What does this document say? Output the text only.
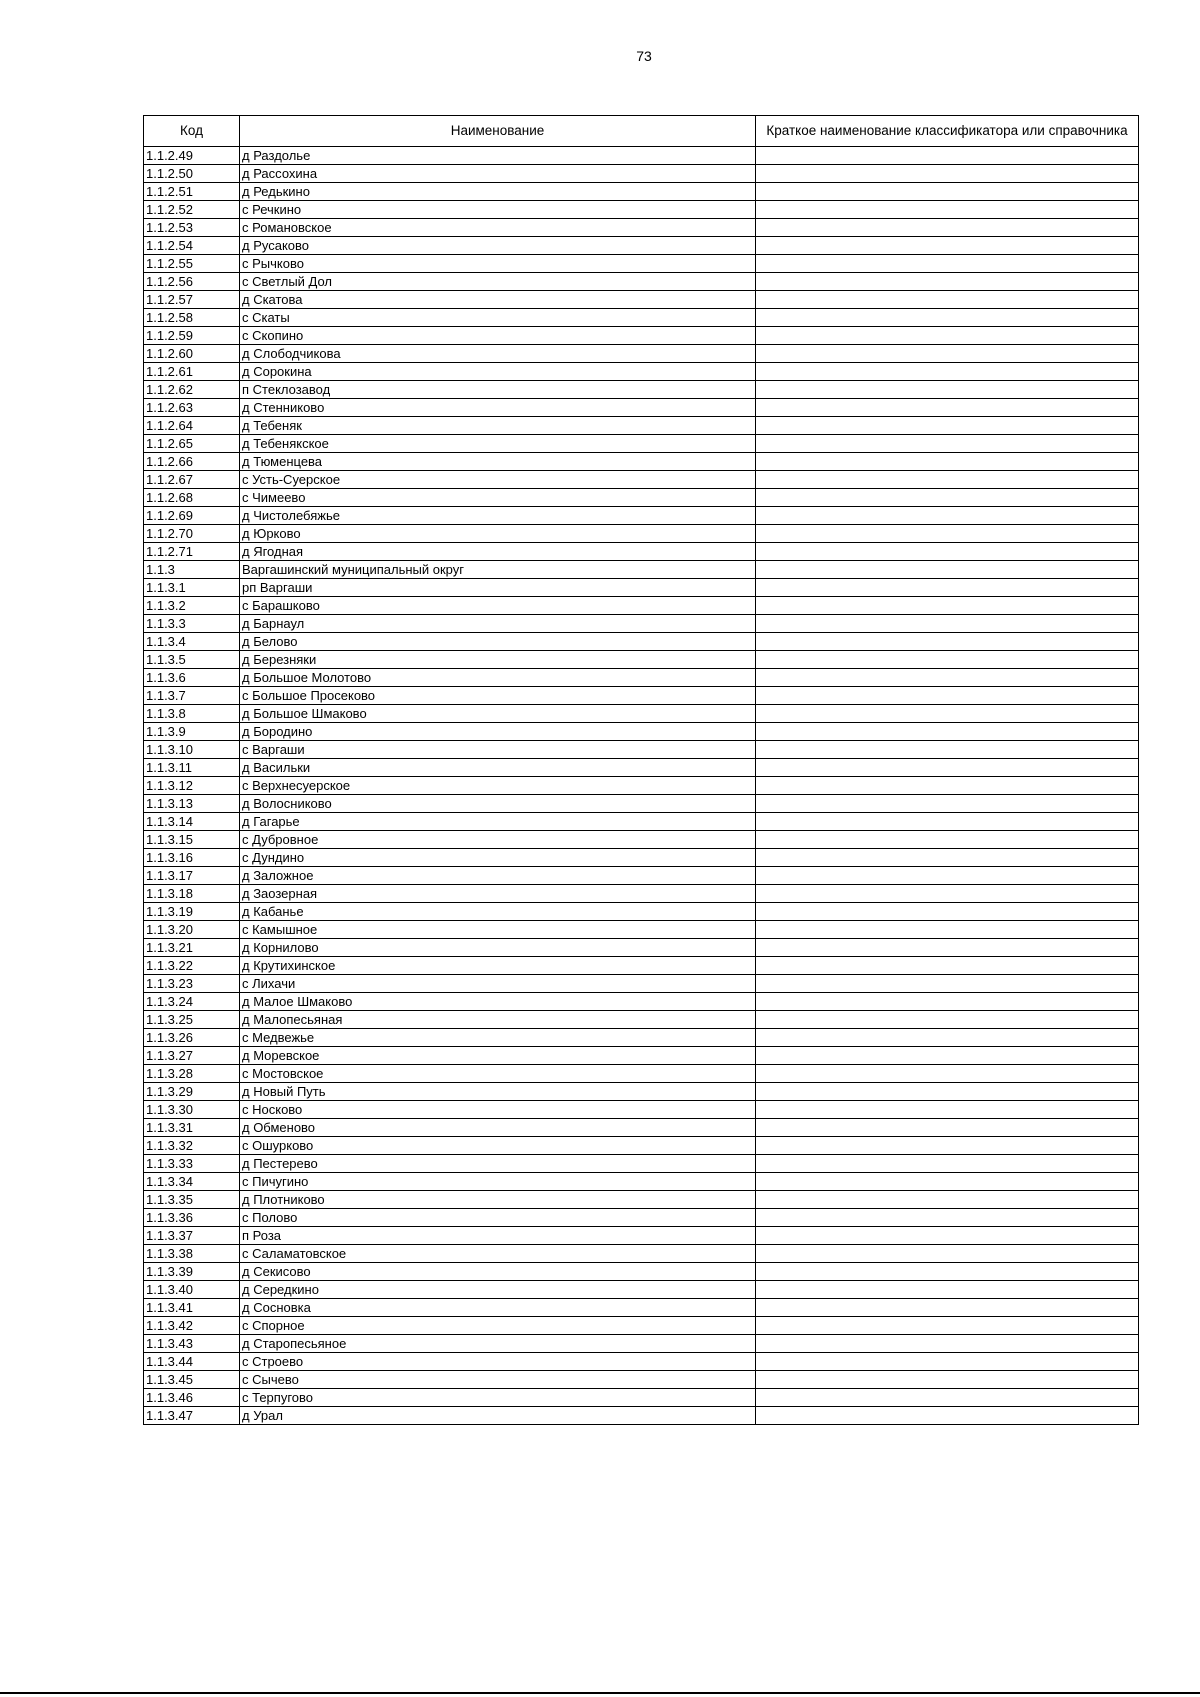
73
Код	Наименование	Краткое наименование классификатора или справочника
1.1.2.49	д Раздолье	
1.1.2.50	д Рассохина	
1.1.2.51	д Редькино	
1.1.2.52	с Речкино	
1.1.2.53	с Романовское	
1.1.2.54	д Русаково	
1.1.2.55	с Рычково	
1.1.2.56	с Светлый Дол	
1.1.2.57	д Скатова	
1.1.2.58	с Скаты	
1.1.2.59	с Скопино	
1.1.2.60	д Слободчикова	
1.1.2.61	д Сорокина	
1.1.2.62	п Стеклозавод	
1.1.2.63	д Стенниково	
1.1.2.64	д Тебеняк	
1.1.2.65	д Тебенякское	
1.1.2.66	д Тюменцева	
1.1.2.67	с Усть-Суерское	
1.1.2.68	с Чимеево	
1.1.2.69	д Чистолебяжье	
1.1.2.70	д Юрково	
1.1.2.71	д Ягодная	
1.1.3	Варгашинский муниципальный округ	
1.1.3.1	рп Варгаши	
1.1.3.2	с Барашково	
1.1.3.3	д Барнаул	
1.1.3.4	д Белово	
1.1.3.5	д Березняки	
1.1.3.6	д Большое Молотово	
1.1.3.7	с Большое Просеково	
1.1.3.8	д Большое Шмаково	
1.1.3.9	д Бородино	
1.1.3.10	с Варгаши	
1.1.3.11	д Васильки	
1.1.3.12	с Верхнесуерское	
1.1.3.13	д Волосниково	
1.1.3.14	д Гагарье	
1.1.3.15	с Дубровное	
1.1.3.16	с Дундино	
1.1.3.17	д Заложное	
1.1.3.18	д Заозерная	
1.1.3.19	д Кабанье	
1.1.3.20	с Камышное	
1.1.3.21	д Корнилово	
1.1.3.22	д Крутихинское	
1.1.3.23	с Лихачи	
1.1.3.24	д Малое Шмаково	
1.1.3.25	д Малопесьяная	
1.1.3.26	с Медвежье	
1.1.3.27	д Моревское	
1.1.3.28	с Мостовское	
1.1.3.29	д Новый Путь	
1.1.3.30	с Носково	
1.1.3.31	д Обменово	
1.1.3.32	с Ошурково	
1.1.3.33	д Пестерево	
1.1.3.34	с Пичугино	
1.1.3.35	д Плотниково	
1.1.3.36	с Полово	
1.1.3.37	п Роза	
1.1.3.38	с Саламатовское	
1.1.3.39	д Секисово	
1.1.3.40	д Середкино	
1.1.3.41	д Сосновка	
1.1.3.42	с Спорное	
1.1.3.43	д Старопесьяное	
1.1.3.44	с Строево	
1.1.3.45	с Сычево	
1.1.3.46	с Терпугово	
1.1.3.47	д Урал	
